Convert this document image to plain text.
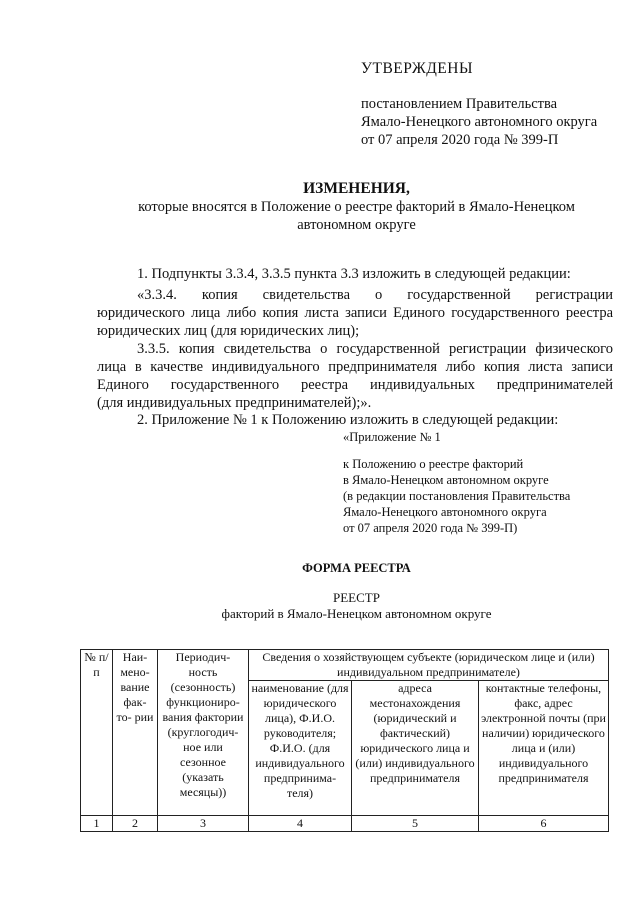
УТВЕРЖДЕНЫ
постановлением Правительства
Ямало-Ненецкого автономного округа
от 07 апреля 2020 года № 399-П
ИЗМЕНЕНИЯ,
которые вносятся в Положение о реестре факторий в Ямало-Ненецком
автономном округе
1. Подпункты 3.3.4, 3.3.5 пункта 3.3 изложить в следующей редакции:
«3.3.4. копия свидетельства о государственной регистрации
юридического лица либо копия листа записи Единого государственного реестра
юридических лиц (для юридических лиц);
3.3.5. копия свидетельства о государственной регистрации физического
лица в качестве индивидуального предпринимателя либо копия листа записи
Единого государственного реестра индивидуальных предпринимателей
(для индивидуальных предпринимателей);».
2. Приложение № 1 к Положению изложить в следующей редакции:
«Приложение № 1
к Положению о реестре факторий
в Ямало-Ненецком автономном округе
(в редакции постановления Правительства
Ямало-Ненецкого автономного округа
от 07 апреля 2020 года № 399-П)
ФОРМА РЕЕСТРА
РЕЕСТР
факторий в Ямало-Ненецком автономном округе
№ п/п	Наи- мено- вание фак- то- рии	Периодич- ность (сезонность) функциониро- вания фактории (круглогодич- ное или сезонное (указать месяцы))	Сведения о хозяйствующем субъекте (юридическом лице и (или) индивидуальном предпринимателе)		

			наименование (для юридического лица), Ф.И.О. руководителя; Ф.И.О. (для индивидуального предпринима- теля)	адреса местонахождения (юридический и фактический) юридического лица и (или) индивидуального предпринимателя	контактные телефоны, факс, адрес электронной почты (при наличии) юридического лица и (или) индивидуального предпринимателя

1	2	3	4	5	6
